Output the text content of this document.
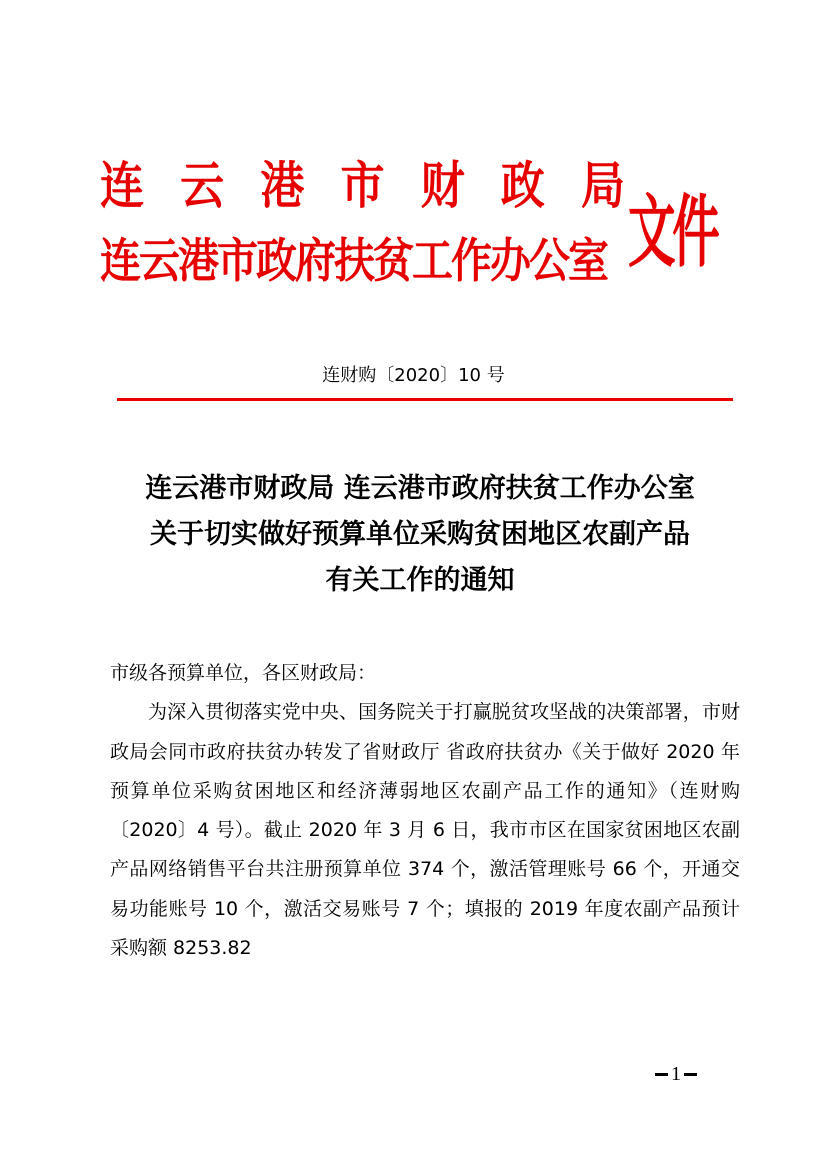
连 云 港 市 财 政 局
连云港市政府扶贫工作办公室 文件
连财购〔2020〕10 号
连云港市财政局 连云港市政府扶贫工作办公室
关于切实做好预算单位采购贫困地区农副产品
有关工作的通知

市级各预算单位，各区财政局：

为深入贯彻落实党中央、国务院关于打赢脱贫攻坚战的决策部署，市财政局会同市政府扶贫办转发了省财政厅 省政府扶贫办《关于做好 2020 年预算单位采购贫困地区和经济薄弱地区农副产品工作的通知》（连财购〔2020〕4 号）。截止 2020 年 3 月 6 日，我市市区在国家贫困地区农副产品网络销售平台共注册预算单位 374 个，激活管理账号 66 个，开通交易功能账号 10 个，激活交易账号 7 个；填报的 2019 年度农副产品预计采购额 8253.82

1
